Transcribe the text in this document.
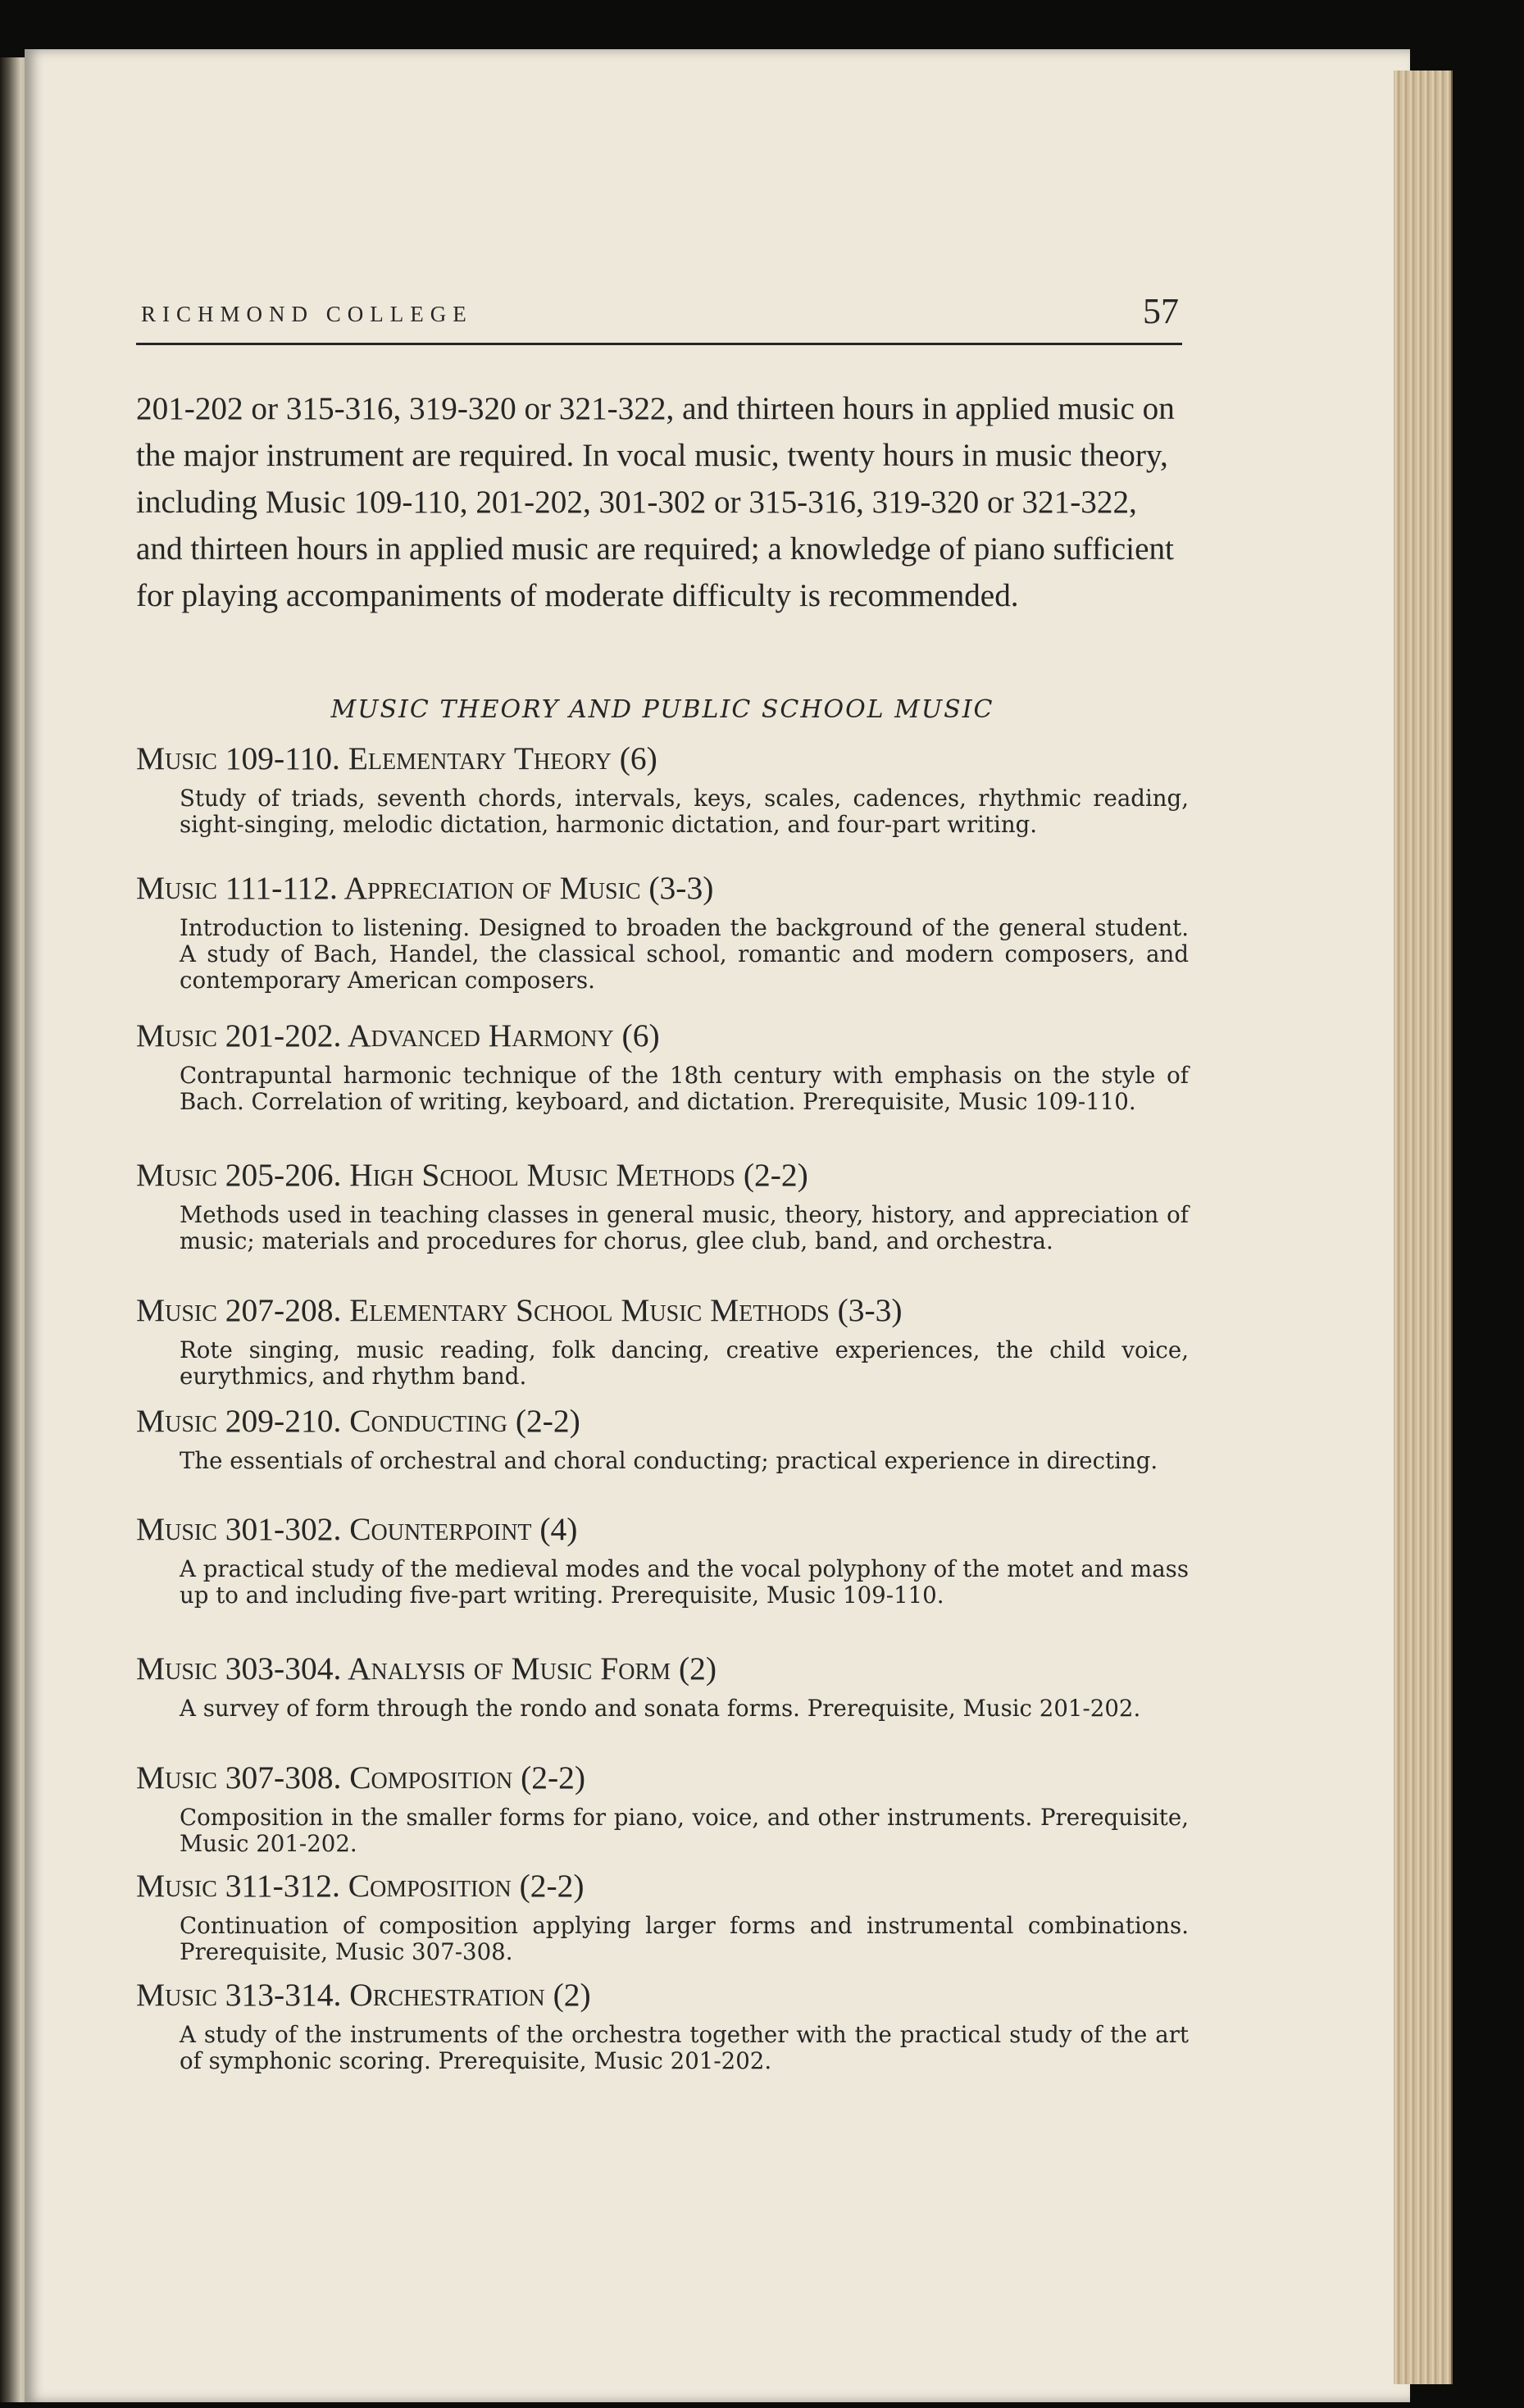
RICHMOND COLLEGE	57

201-202 or 315-316, 319-320 or 321-322, and thirteen hours in applied music on the major instrument are required. In vocal music, twenty hours in music theory, including Music 109-110, 201-202, 301-302 or 315-316, 319-320 or 321-322, and thirteen hours in applied music are required; a knowledge of piano sufficient for playing accompaniments of moderate difficulty is recommended.

MUSIC THEORY AND PUBLIC SCHOOL MUSIC

Music 109-110. Elementary Theory (6)

Study of triads, seventh chords, intervals, keys, scales, cadences, rhythmic reading, sight-singing, melodic dictation, harmonic dictation, and four-part writing.

Music 111-112. Appreciation of Music (3-3)

Introduction to listening. Designed to broaden the background of the general student. A study of Bach, Handel, the classical school, romantic and modern composers, and contemporary American composers.

Music 201-202. Advanced Harmony (6)

Contrapuntal harmonic technique of the 18th century with emphasis on the style of Bach. Correlation of writing, keyboard, and dictation. Prerequisite, Music 109-110.

Music 205-206. High School Music Methods (2-2)

Methods used in teaching classes in general music, theory, history, and appreciation of music; materials and procedures for chorus, glee club, band, and orchestra.

Music 207-208. Elementary School Music Methods (3-3)

Rote singing, music reading, folk dancing, creative experiences, the child voice, eurythmics, and rhythm band.

Music 209-210. Conducting (2-2)

The essentials of orchestral and choral conducting; practical experience in directing.

Music 301-302. Counterpoint (4)

A practical study of the medieval modes and the vocal polyphony of the motet and mass up to and including five-part writing. Prerequisite, Music 109-110.

Music 303-304. Analysis of Music Form (2)

A survey of form through the rondo and sonata forms. Prerequisite, Music 201-202.

Music 307-308. Composition (2-2)

Composition in the smaller forms for piano, voice, and other instruments. Prerequisite, Music 201-202.

Music 311-312. Composition (2-2)

Continuation of composition applying larger forms and instrumental combinations. Prerequisite, Music 307-308.

Music 313-314. Orchestration (2)

A study of the instruments of the orchestra together with the practical study of the art of symphonic scoring. Prerequisite, Music 201-202.
